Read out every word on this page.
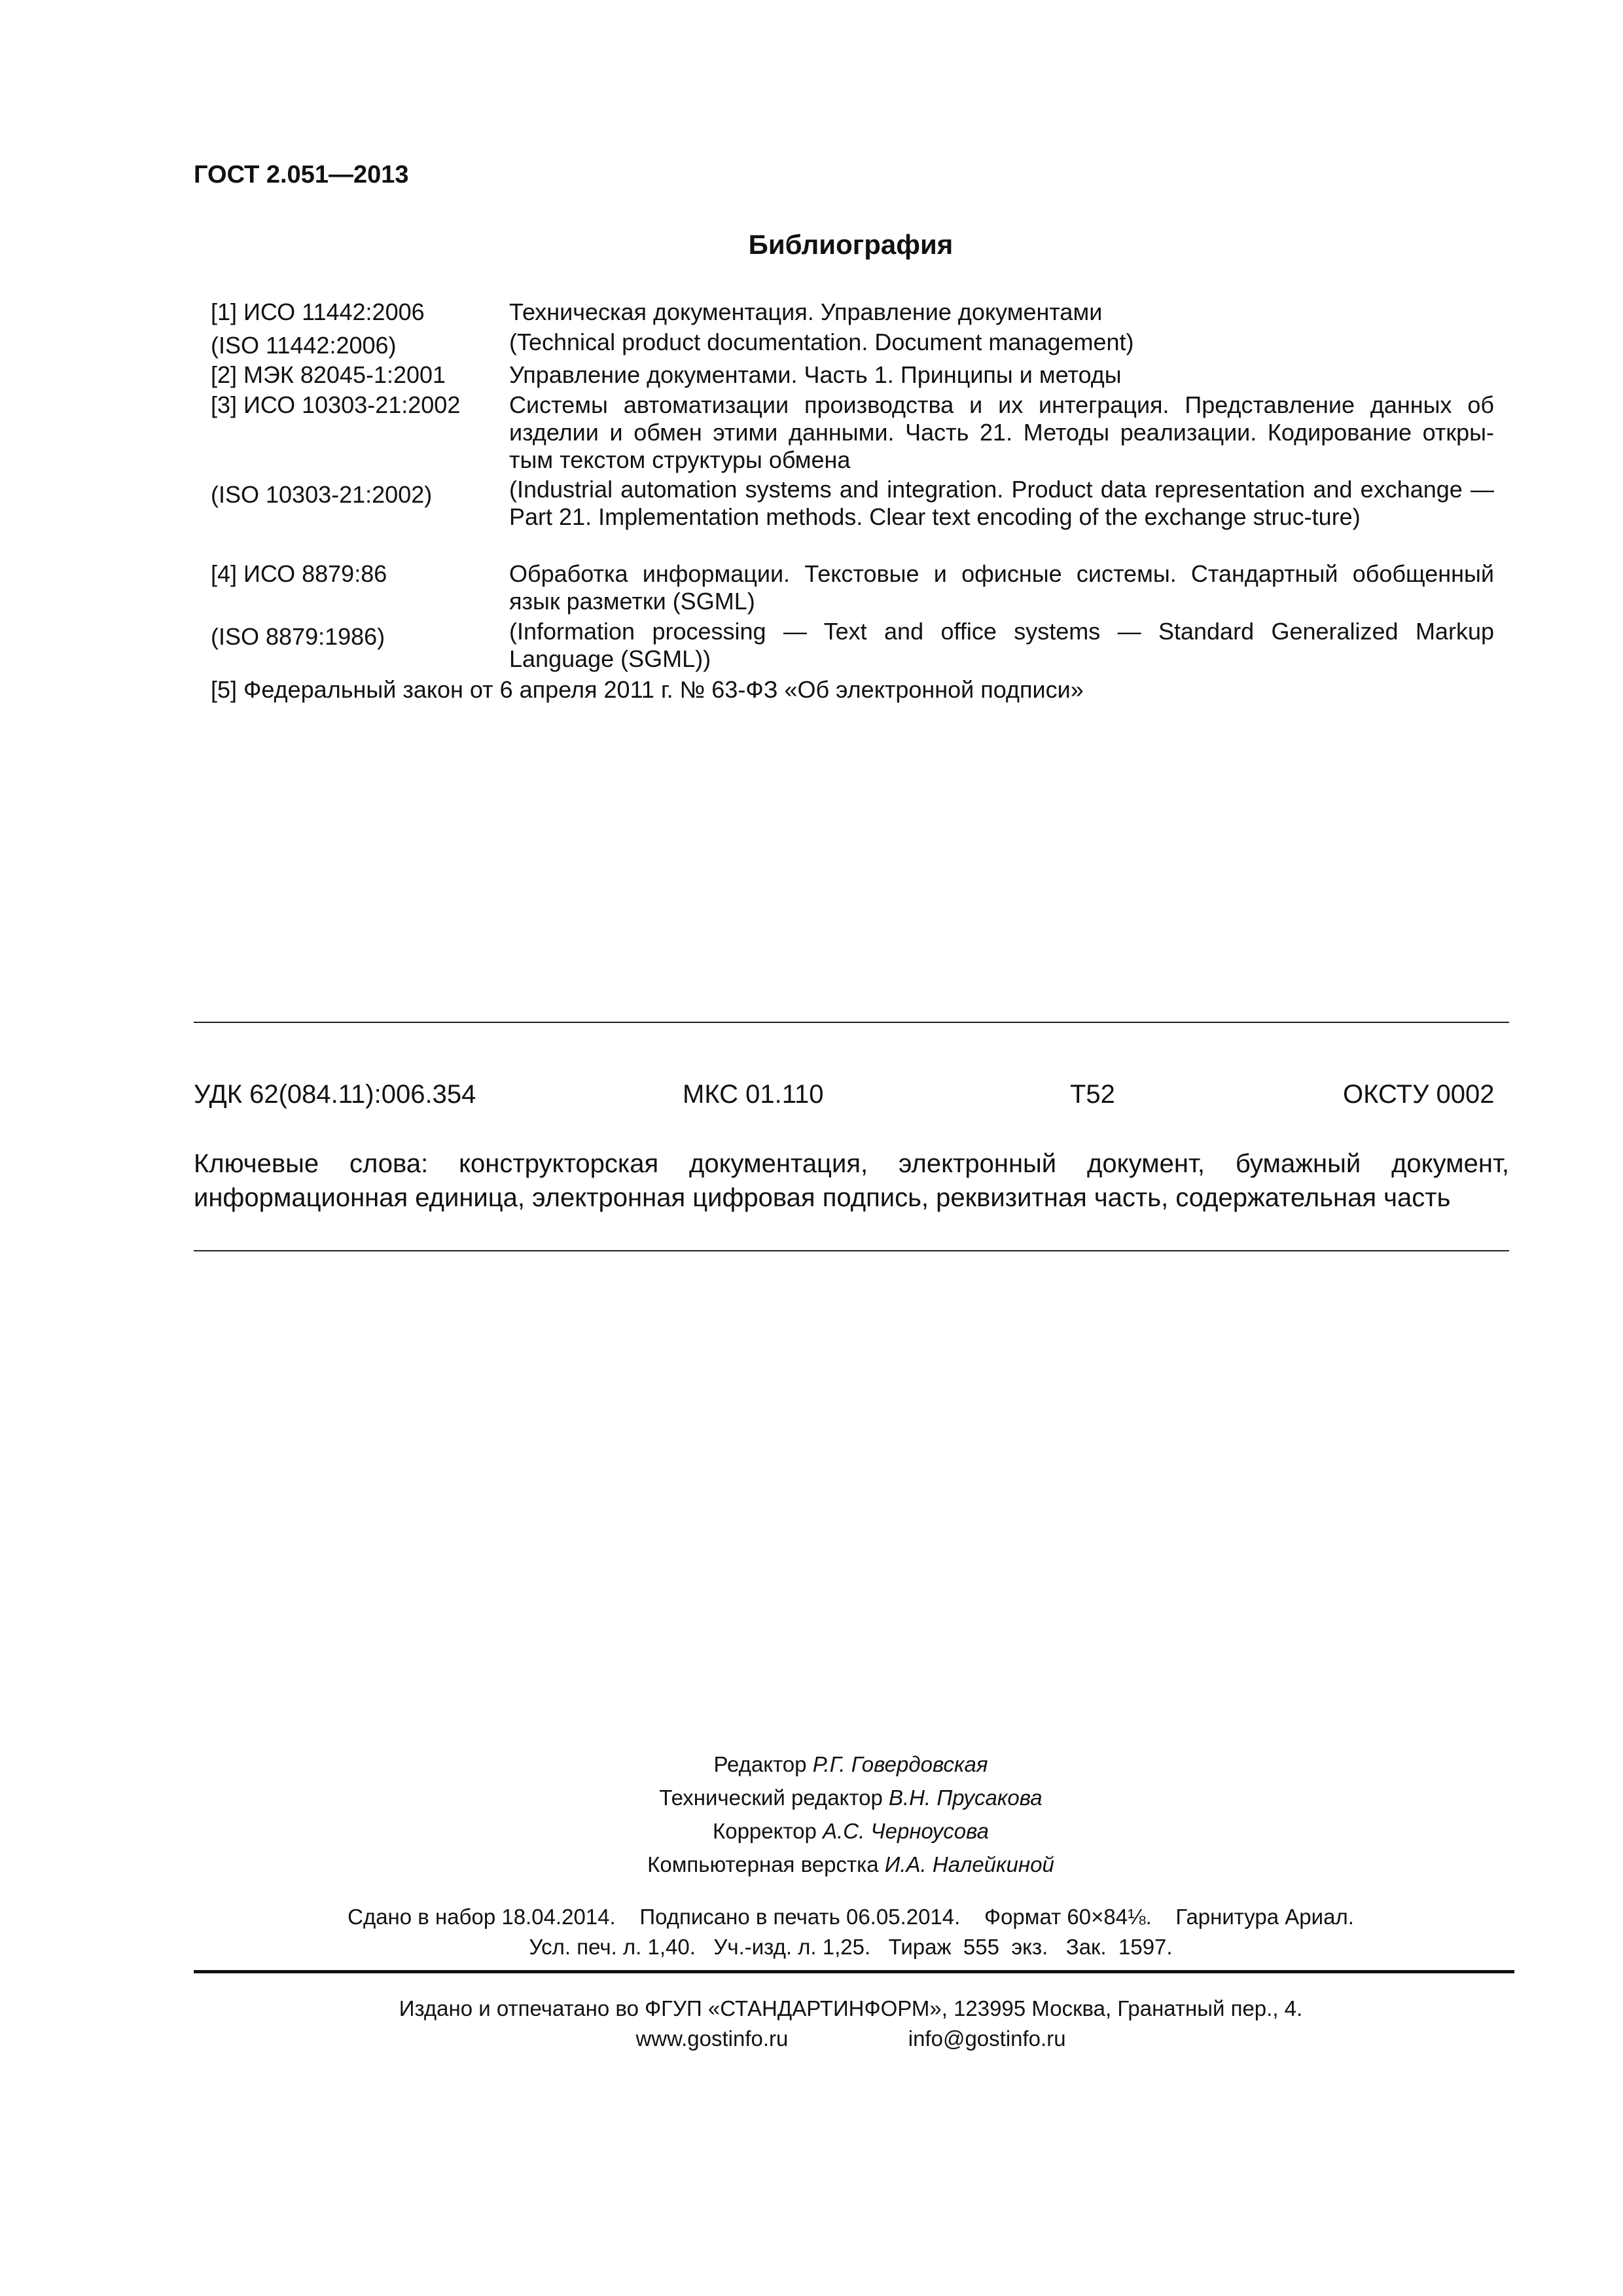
ГОСТ 2.051—2013
Библиография
[1] ИСО 11442:2006	Техническая документация. Управление документами
(ISO 11442:2006)	(Technical product documentation. Document management)
[2] МЭК 82045-1:2001	Управление документами. Часть 1. Принципы и методы
[3] ИСО 10303-21:2002 Системы автоматизации производства и их интеграция. Представление данных об изделии и обмен этими данными. Часть 21. Методы реализации. Кодирование откры-тым текстом структуры обмена
(ISO 10303-21:2002)	(Industrial automation systems and integration. Product data representation and exchange — Part 21. Implementation methods. Clear text encoding of the exchange struc-ture)
[4] ИСО 8879:86	Обработка информации. Текстовые и офисные системы. Стандартный обобщенный язык разметки (SGML)
(ISO 8879:1986)	(Information processing — Text and office systems — Standard Generalized Markup Language (SGML))
[5] Федеральный закон от 6 апреля 2011 г. № 63-ФЗ «Об электронной подписи»
УДК 62(084.11):006.354	МКС 01.110	Т52	ОКСТУ 0002
Ключевые слова: конструкторская документация, электронный документ, бумажный документ, информационная единица, электронная цифровая подпись, реквизитная часть, содержательная часть
Редактор Р.Г. Говердовская
Технический редактор В.Н. Прусакова
Корректор А.С. Черноусова
Компьютерная верстка И.А. Налейкиной
Сдано в набор 18.04.2014.    Подписано в печать 06.05.2014.    Формат 60×84⅛.    Гарнитура Ариал.
Усл. печ. л. 1,40.   Уч.-изд. л. 1,25.   Тираж  555  экз.   Зак.  1597.
Издано и отпечатано во ФГУП «СТАНДАРТИНФОРМ», 123995 Москва, Гранатный пер., 4.
www.gostinfo.ru	info@gostinfo.ru
